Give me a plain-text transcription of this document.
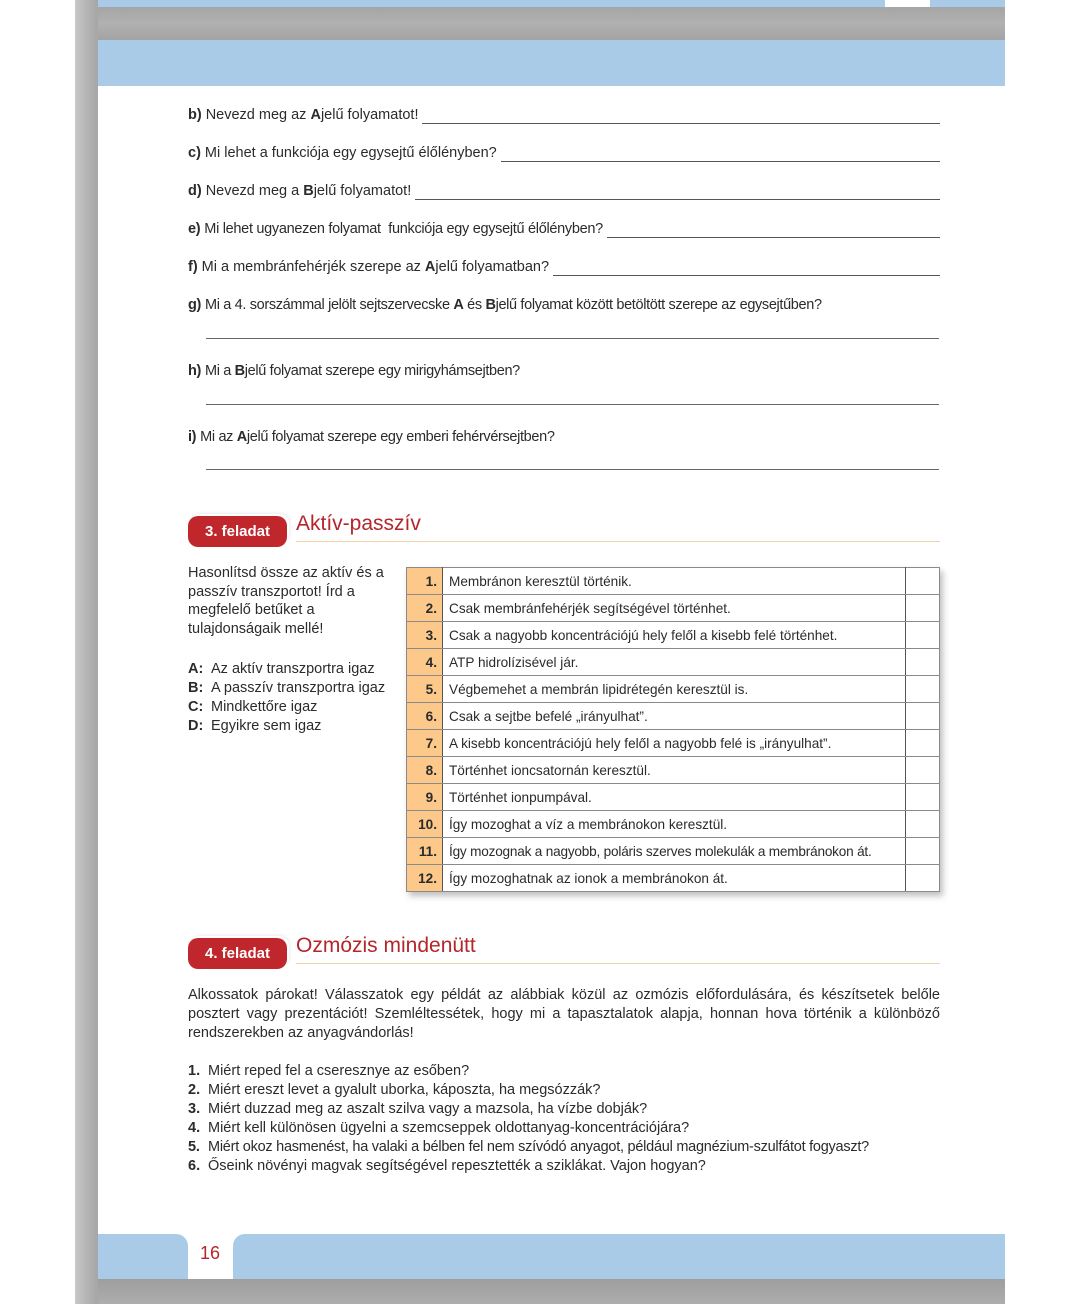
b) Nevezd meg az A jelű folyamatot!
c) Mi lehet a funkciója egy egysejtű élőlényben?
d) Nevezd meg a B jelű folyamatot!
e) Mi lehet ugyanezen folyamat  funkciója egy egysejtű élőlényben?
f) Mi a membránfehérjék szerepe az A jelű folyamatban?
g) Mi a 4. sorszámmal jelölt sejtszervecske A és B jelű folyamat között betöltött szerepe az egysejtűben?
h) Mi a B jelű folyamat szerepe egy mirigyhámsejtben?
i) Mi az A jelű folyamat szerepe egy emberi fehérvérsejtben?
3. feladat	Aktív-passzív
Hasonlítsd össze az aktív és a passzív transzportot! Írd a megfelelő betűket a tulajdonságaik mellé!
A: Az aktív transzportra igaz
B: A passzív transzportra igaz
C: Mindkettőre igaz
D: Egyikre sem igaz
1.	Membránon keresztül történik.	
2.	Csak membránfehérjék segítségével történhet.	
3.	Csak a nagyobb koncentrációjú hely felől a kisebb felé történhet.	
4.	ATP hidrolízisével jár.	
5.	Végbemehet a membrán lipidrétegén keresztül is.	
6.	Csak a sejtbe befelé „irányulhat”.	
7.	A kisebb koncentrációjú hely felől a nagyobb felé is „irányulhat”.	
8.	Történhet ioncsatornán keresztül.	
9.	Történhet ionpumpával.	
10.	Így mozoghat a víz a membránokon keresztül.	
11.	Így mozognak a nagyobb, poláris szerves molekulák a membránokon át.	
12.	Így mozoghatnak az ionok a membránokon át.	
4. feladat	Ozmózis mindenütt
Alkossatok párokat! Válasszatok egy példát az alábbiak közül az ozmózis előfordulására, és készítsetek belőle posztert vagy prezentációt! Szemléltessétek, hogy mi a tapasztalatok alapja, honnan hova történik a különböző rendszerekben az anyagvándorlás!
1. Miért reped fel a cseresznye az esőben?
2. Miért ereszt levet a gyalult uborka, káposzta, ha megsózzák?
3. Miért duzzad meg az aszalt szilva vagy a mazsola, ha vízbe dobják?
4. Miért kell különösen ügyelni a szemcseppek oldottanyag-koncentrációjára?
5. Miért okoz hasmenést, ha valaki a bélben fel nem szívódó anyagot, például magnézium-szulfátot fogyaszt?
6. Őseink növényi magvak segítségével repesztették a sziklákat. Vajon hogyan?
16
